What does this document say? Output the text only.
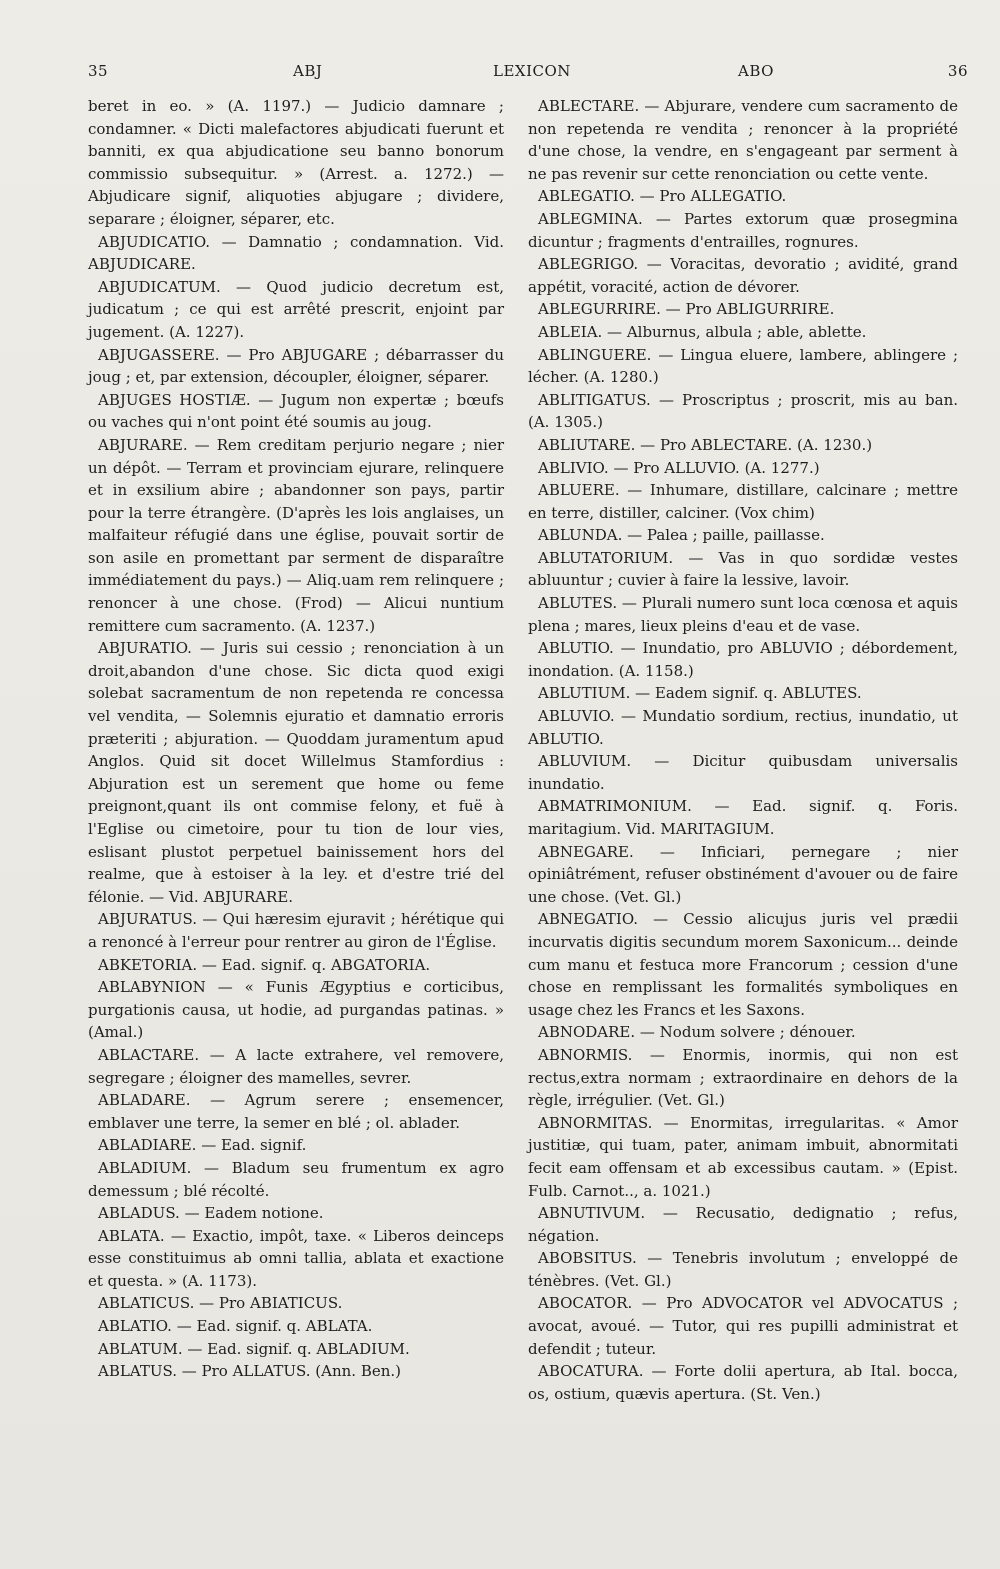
35	ABJ	LEXICON	ABO	36

beret in eo. » (A. 1197.) — Judicio damnare ; condamner. « Dicti malefactores abjudicati fuerunt et banniti, ex qua abjudicatione seu banno bonorum commissio subsequitur. » (Arrest. a. 1272.) — Abjudicare signif, aliquoties abjugare ; dividere, separare ; éloigner, séparer, etc.

ABJUDICATIO. — Damnatio ; condamnation. Vid. ABJUDICARE.

ABJUDICATUM. — Quod judicio decretum est, judicatum ; ce qui est arrêté prescrit, enjoint par jugement. (A. 1227).

ABJUGASSERE. — Pro ABJUGARE ; débarrasser du joug ; et, par extension, découpler, éloigner, séparer.

ABJUGES HOSTIÆ. — Jugum non expertæ ; bœufs ou vaches qui n'ont point été soumis au joug.

ABJURARE. — Rem creditam perjurio negare ; nier un dépôt. — Terram et provinciam ejurare, relinquere et in exsilium abire ; abandonner son pays, partir pour la terre étrangère. (D'après les lois anglaises, un malfaiteur réfugié dans une église, pouvait sortir de son asile en promettant par serment de disparaître immédiatement du pays.) — Aliq.uam rem relinquere ; renoncer à une chose. (Frod) — Alicui nuntium remittere cum sacramento. (A. 1237.)

ABJURATIO. — Juris sui cessio ; renonciation à un droit,abandon d'une chose. Sic dicta quod exigi solebat sacramentum de non repetenda re concessa vel vendita, — Solemnis ejuratio et damnatio erroris præteriti ; abjuration. — Quoddam juramentum apud Anglos. Quid sit docet Willelmus Stamfordius : Abjuration est un serement que home ou feme preignont,quant ils ont commise felony, et fuë à l'Eglise ou cimetoire, pour tu tion de lour vies, eslisant plustot perpetuel bainissement hors del realme, que à estoiser à la ley. et d'estre trié del félonie. — Vid. ABJURARE.

ABJURATUS. — Qui hæresim ejuravit ; hérétique qui a renoncé à l'erreur pour rentrer au giron de l'Église.

ABKETORIA. — Ead. signif. q. ABGATORIA.

ABLABYNION — « Funis Ægyptius e corticibus, purgationis causa, ut hodie, ad purgandas patinas. » (Amal.)

ABLACTARE. — A lacte extrahere, vel removere, segregare ; éloigner des mamelles, sevrer.

ABLADARE. — Agrum serere ; ensemencer, emblaver une terre, la semer en blé ; ol. ablader.

ABLADIARE. — Ead. signif.

ABLADIUM. — Bladum seu frumentum ex agro demessum ; blé récolté.

ABLADUS. — Eadem notione.

ABLATA. — Exactio, impôt, taxe. « Liberos deinceps esse constituimus ab omni tallia, ablata et exactione et questa. » (A. 1173).

ABLATICUS. — Pro ABIATICUS.

ABLATIO. — Ead. signif. q. ABLATA.

ABLATUM. — Ead. signif. q. ABLADIUM.

ABLATUS. — Pro ALLATUS. (Ann. Ben.)

ABLECTARE. — Abjurare, vendere cum sacramento de non repetenda re vendita ; renoncer à la propriété d'une chose, la vendre, en s'engageant par serment à ne pas revenir sur cette renonciation ou cette vente.

ABLEGATIO. — Pro ALLEGATIO.

ABLEGMINA. — Partes extorum quæ prosegmina dicuntur ; fragments d'entrailles, rognures.

ABLEGRIGO. — Voracitas, devoratio ; avidité, grand appétit, voracité, action de dévorer.

ABLEGURRIRE. — Pro ABLIGURRIRE.

ABLEIA. — Alburnus, albula ; able, ablette.

ABLINGUERE. — Lingua eluere, lambere, ablingere ; lécher. (A. 1280.)

ABLITIGATUS. — Proscriptus ; proscrit, mis au ban. (A. 1305.)

ABLIUTARE. — Pro ABLECTARE. (A. 1230.)

ABLIVIO. — Pro ALLUVIO. (A. 1277.)

ABLUERE. — Inhumare, distillare, calcinare ; mettre en terre, distiller, calciner. (Vox chim)

ABLUNDA. — Palea ; paille, paillasse.

ABLUTATORIUM. — Vas in quo sordidæ vestes abluuntur ; cuvier à faire la lessive, lavoir.

ABLUTES. — Plurali numero sunt loca cœnosa et aquis plena ; mares, lieux pleins d'eau et de vase.

ABLUTIO. — Inundatio, pro ABLUVIO ; débordement, inondation. (A. 1158.)

ABLUTIUM. — Eadem signif. q. ABLUTES.

ABLUVIO. — Mundatio sordium, rectius, inundatio, ut ABLUTIO.

ABLUVIUM. — Dicitur quibusdam universalis inundatio.

ABMATRIMONIUM. — Ead. signif. q. Foris. maritagium. Vid. MARITAGIUM.

ABNEGARE. — Inficiari, pernegare ; nier opiniâtrément, refuser obstinément d'avouer ou de faire une chose. (Vet. Gl.)

ABNEGATIO. — Cessio alicujus juris vel prædii incurvatis digitis secundum morem Saxonicum... deinde cum manu et festuca more Francorum ; cession d'une chose en remplissant les formalités symboliques en usage chez les Francs et les Saxons.

ABNODARE. — Nodum solvere ; dénouer.

ABNORMIS. — Enormis, inormis, qui non est rectus,extra normam ; extraordinaire en dehors de la règle, irrégulier. (Vet. Gl.)

ABNORMITAS. — Enormitas, irregularitas. « Amor justitiæ, qui tuam, pater, animam imbuit, abnormitati fecit eam offensam et ab excessibus cautam. » (Epist. Fulb. Carnot.., a. 1021.)

ABNUTIVUM. — Recusatio, dedignatio ; refus, négation.

ABOBSITUS. — Tenebris involutum ; enveloppé de ténèbres. (Vet. Gl.)

ABOCATOR. — Pro ADVOCATOR vel ADVOCATUS ; avocat, avoué. — Tutor, qui res pupilli administrat et defendit ; tuteur.

ABOCATURA. — Forte dolii apertura, ab Ital. bocca, os, ostium, quævis apertura. (St. Ven.)
